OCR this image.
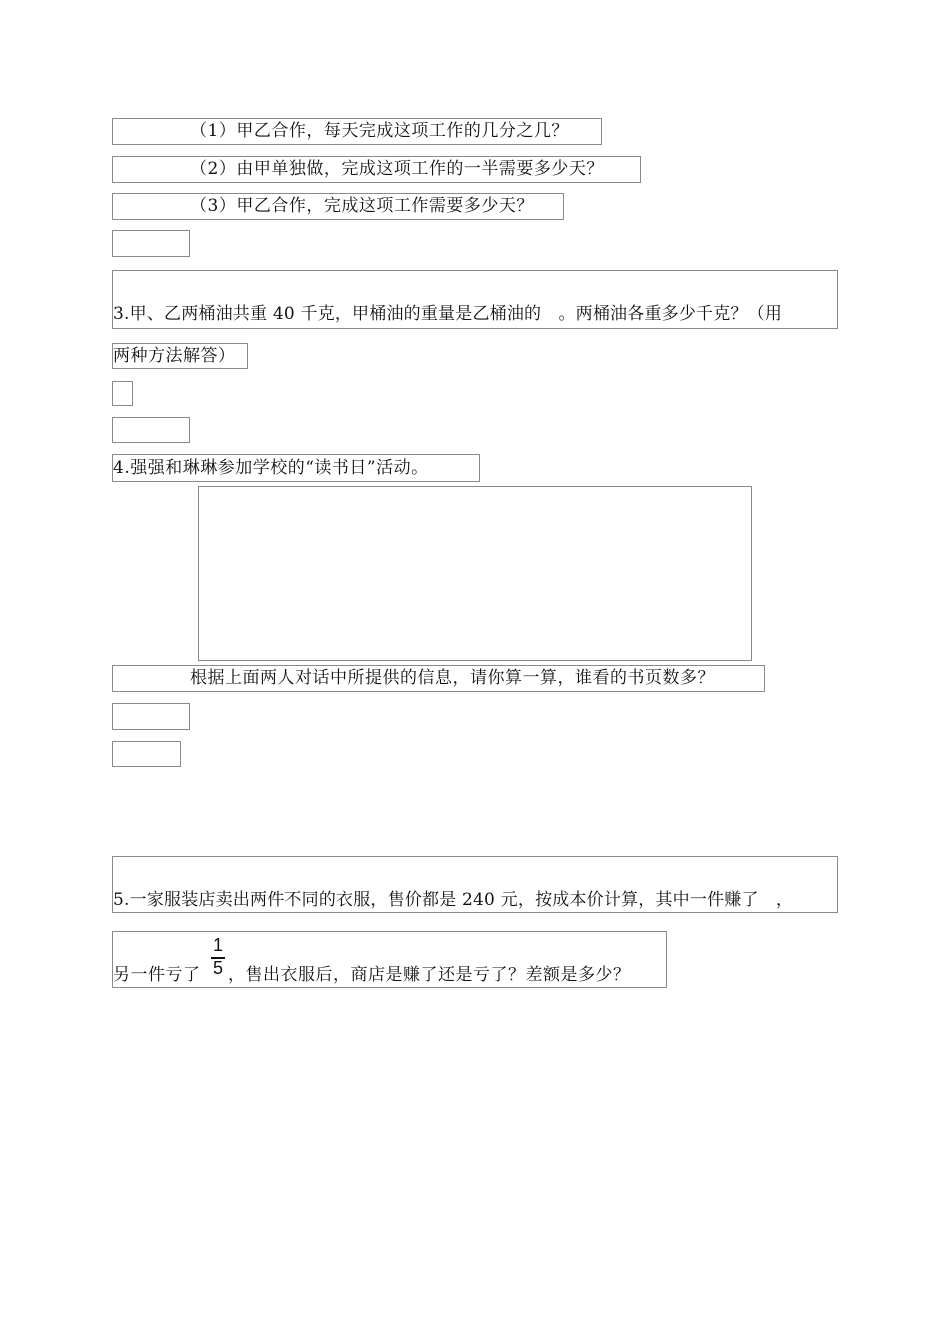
（1）甲乙合作，每天完成这项工作的几分之几？
（2）由甲单独做，完成这项工作的一半需要多少天？
（3）甲乙合作，完成这项工作需要多少天？
3.甲、乙两桶油共重 40 千克，甲桶油的重量是乙桶油的　。两桶油各重多少千克？（用
两种方法解答）
4.强强和琳琳参加学校的“读书日”活动。
根据上面两人对话中所提供的信息，请你算一算，谁看的书页数多？
5.一家服装店卖出两件不同的衣服，售价都是 240 元，按成本价计算，其中一件赚了　，
另一件亏了
1
5 ，售出衣服后，商店是赚了还是亏了？差额是多少？
